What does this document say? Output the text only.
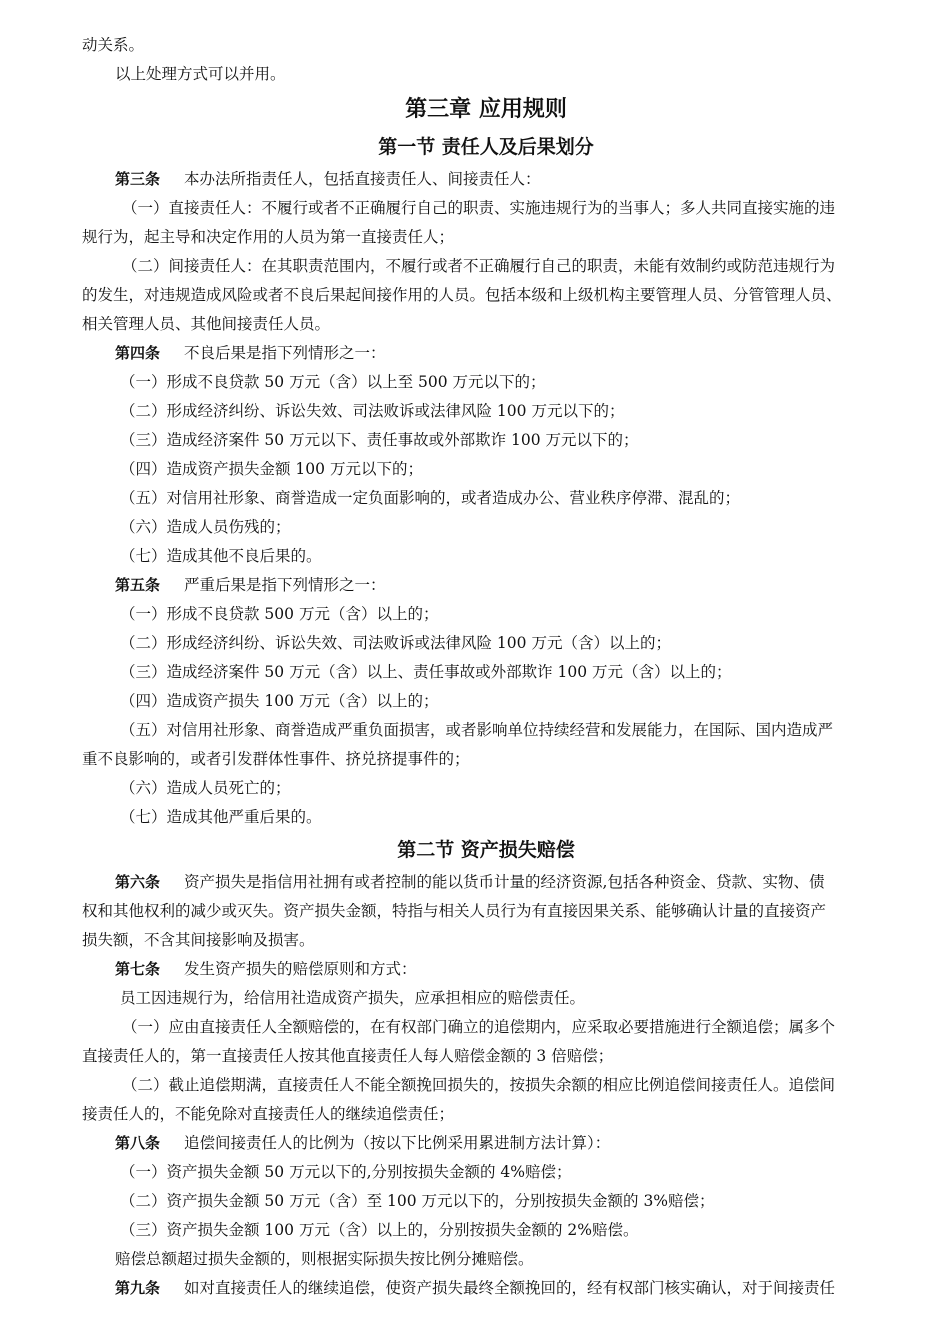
动关系。

以上处理方式可以并用。

第三章 应用规则
第一节 责任人及后果划分

第三条 本办法所指责任人，包括直接责任人、间接责任人：

（一）直接责任人：不履行或者不正确履行自己的职责、实施违规行为的当事人；多人共同直接实施的违

规行为，起主导和决定作用的人员为第一直接责任人；

（二）间接责任人：在其职责范围内，不履行或者不正确履行自己的职责，未能有效制约或防范违规行为

的发生，对违规造成风险或者不良后果起间接作用的人员。包括本级和上级机构主要管理人员、分管管理人员、

相关管理人员、其他间接责任人员。

第四条 不良后果是指下列情形之一：

（一）形成不良贷款 50 万元（含）以上至 500 万元以下的；

（二）形成经济纠纷、诉讼失效、司法败诉或法律风险 100 万元以下的；

（三）造成经济案件 50 万元以下、责任事故或外部欺诈 100 万元以下的；

（四）造成资产损失金额 100 万元以下的；

（五）对信用社形象、商誉造成一定负面影响的，或者造成办公、营业秩序停滞、混乱的；

（六）造成人员伤残的；

（七）造成其他不良后果的。

第五条 严重后果是指下列情形之一：

（一）形成不良贷款 500 万元（含）以上的；

（二）形成经济纠纷、诉讼失效、司法败诉或法律风险 100 万元（含）以上的；

（三）造成经济案件 50 万元（含）以上、责任事故或外部欺诈 100 万元（含）以上的；

（四）造成资产损失 100 万元（含）以上的；

（五）对信用社形象、商誉造成严重负面损害，或者影响单位持续经营和发展能力，在国际、国内造成严

重不良影响的，或者引发群体性事件、挤兑挤提事件的；

（六）造成人员死亡的；

（七）造成其他严重后果的。

第二节 资产损失赔偿

第六条 资产损失是指信用社拥有或者控制的能以货币计量的经济资源,包括各种资金、贷款、实物、债

权和其他权利的减少或灭失。资产损失金额，特指与相关人员行为有直接因果关系、能够确认计量的直接资产

损失额，不含其间接影响及损害。

第七条 发生资产损失的赔偿原则和方式：

员工因违规行为，给信用社造成资产损失，应承担相应的赔偿责任。

（一）应由直接责任人全额赔偿的，在有权部门确立的追偿期内，应采取必要措施进行全额追偿；属多个

直接责任人的，第一直接责任人按其他直接责任人每人赔偿金额的 3 倍赔偿；

（二）截止追偿期满，直接责任人不能全额挽回损失的，按损失余额的相应比例追偿间接责任人。追偿间

接责任人的，不能免除对直接责任人的继续追偿责任；

第八条 追偿间接责任人的比例为（按以下比例采用累进制方法计算）：

（一）资产损失金额 50 万元以下的,分别按损失金额的 4%赔偿；

（二）资产损失金额 50 万元（含）至 100 万元以下的，分别按损失金额的 3%赔偿；

（三）资产损失金额 100 万元（含）以上的，分别按损失金额的 2%赔偿。

赔偿总额超过损失金额的，则根据实际损失按比例分摊赔偿。

第九条 如对直接责任人的继续追偿，使资产损失最终全额挽回的，经有权部门核实确认，对于间接责任
